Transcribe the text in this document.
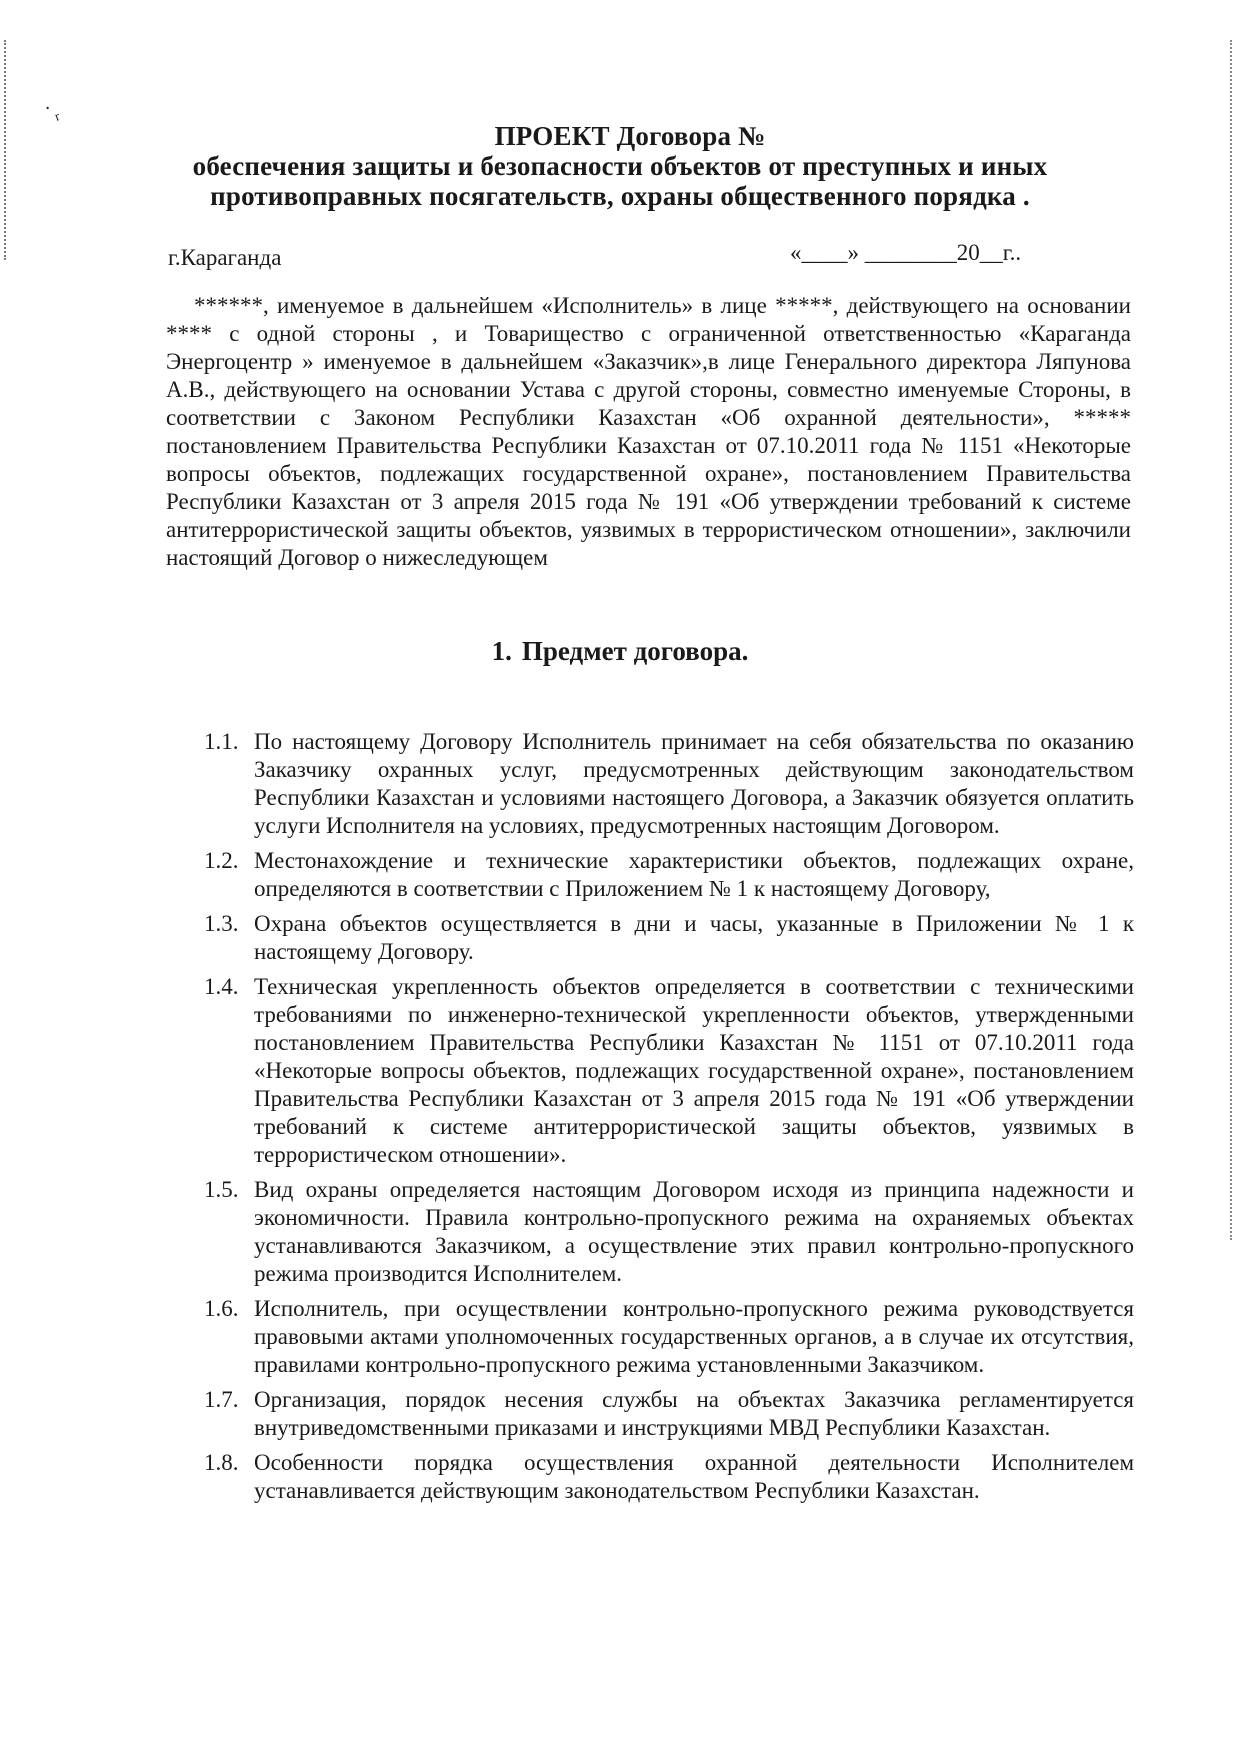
˙ᵣ
ПРОЕКТ Договора №
обеспечения защиты и безопасности объектов от преступных и иных
противоправных посягательств, охраны общественного порядка .
г.Караганда	«____» ________20__г..

******, именуемое в дальнейшем «Исполнитель» в лице *****, действующего на основании **** с одной стороны , и Товарищество с ограниченной ответственностью «Караганда Энергоцентр » именуемое в дальнейшем «Заказчик»,в лице Генерального директора Ляпунова А.В., действующего на основании Устава с другой стороны, совместно именуемые Стороны, в соответствии с Законом Республики Казахстан «Об охранной деятельности», ***** постановлением Правительства Республики Казахстан от 07.10.2011 года № 1151 «Некоторые вопросы объектов, подлежащих государственной охране», постановлением Правительства Республики Казахстан от 3 апреля 2015 года № 191 «Об утверждении требований к системе антитеррористической защиты объектов, уязвимых в террористическом отношении», заключили настоящий Договор о нижеследующем

1. Предмет договора.
1.1. По настоящему Договору Исполнитель принимает на себя обязательства по оказанию Заказчику охранных услуг, предусмотренных действующим законодательством Республики Казахстан и условиями настоящего Договора, а Заказчик обязуется оплатить услуги Исполнителя на условиях, предусмотренных настоящим Договором.
1.2. Местонахождение и технические характеристики объектов, подлежащих охране, определяются в соответствии с Приложением № 1 к настоящему Договору,
1.3. Охрана объектов осуществляется в дни и часы, указанные в Приложении № 1 к настоящему Договору.
1.4. Техническая укрепленность объектов определяется в соответствии с техническими требованиями по инженерно-технической укрепленности объектов, утвержденными постановлением Правительства Республики Казахстан № 1151 от 07.10.2011 года «Некоторые вопросы объектов, подлежащих государственной охране», постановлением Правительства Республики Казахстан от 3 апреля 2015 года № 191 «Об утверждении требований к системе антитеррористической защиты объектов, уязвимых в террористическом отношении».
1.5. Вид охраны определяется настоящим Договором исходя из принципа надежности и экономичности. Правила контрольно-пропускного режима на охраняемых объектах устанавливаются Заказчиком, а осуществление этих правил контрольно-пропускного режима производится Исполнителем.
1.6. Исполнитель, при осуществлении контрольно-пропускного режима руководствуется правовыми актами уполномоченных государственных органов, а в случае их отсутствия, правилами контрольно-пропускного режима установленными Заказчиком.
1.7. Организация, порядок несения службы на объектах Заказчика регламентируется внутриведомственными приказами и инструкциями МВД Республики Казахстан.
1.8. Особенности порядка осуществления охранной деятельности Исполнителем устанавливается действующим законодательством Республики Казахстан.
